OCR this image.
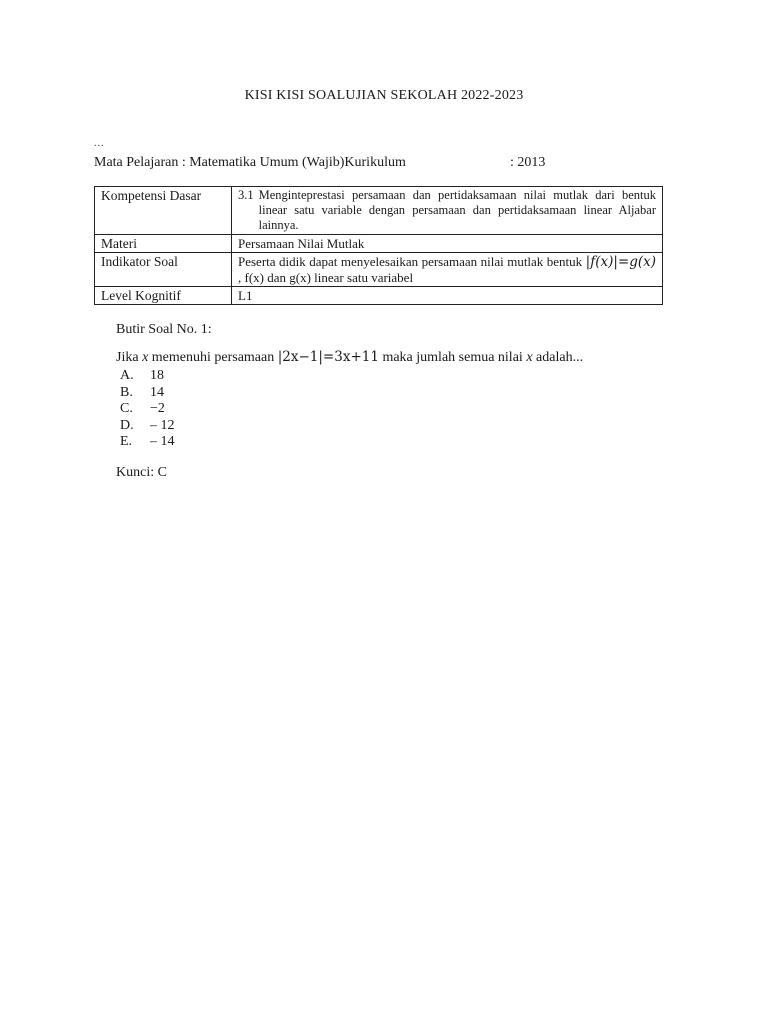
KISI KISI SOALUJIAN SEKOLAH 2022-2023
...
Mata Pelajaran : Matematika Umum (Wajib)Kurikulum	: 2013
Kompetensi Dasar	3.1 Menginteprestasi persamaan dan pertidaksamaan nilai mutlak dari bentuk linear satu variable dengan persamaan dan pertidaksamaan linear Aljabar lainnya.

Materi	Persamaan Nilai Mutlak
Indikator Soal	Peserta didik dapat menyelesaikan persamaan nilai mutlak bentuk |f(x)|=g(x) , f(x) dan g(x) linear satu variabel

Level Kognitif	L1
Butir Soal No. 1:
Jika x memenuhi persamaan |2x−1|=3x+11 maka jumlah semua nilai x adalah...
A.	18
B.	14
C.	−2
D.	– 12
E.	– 14
Kunci: C
